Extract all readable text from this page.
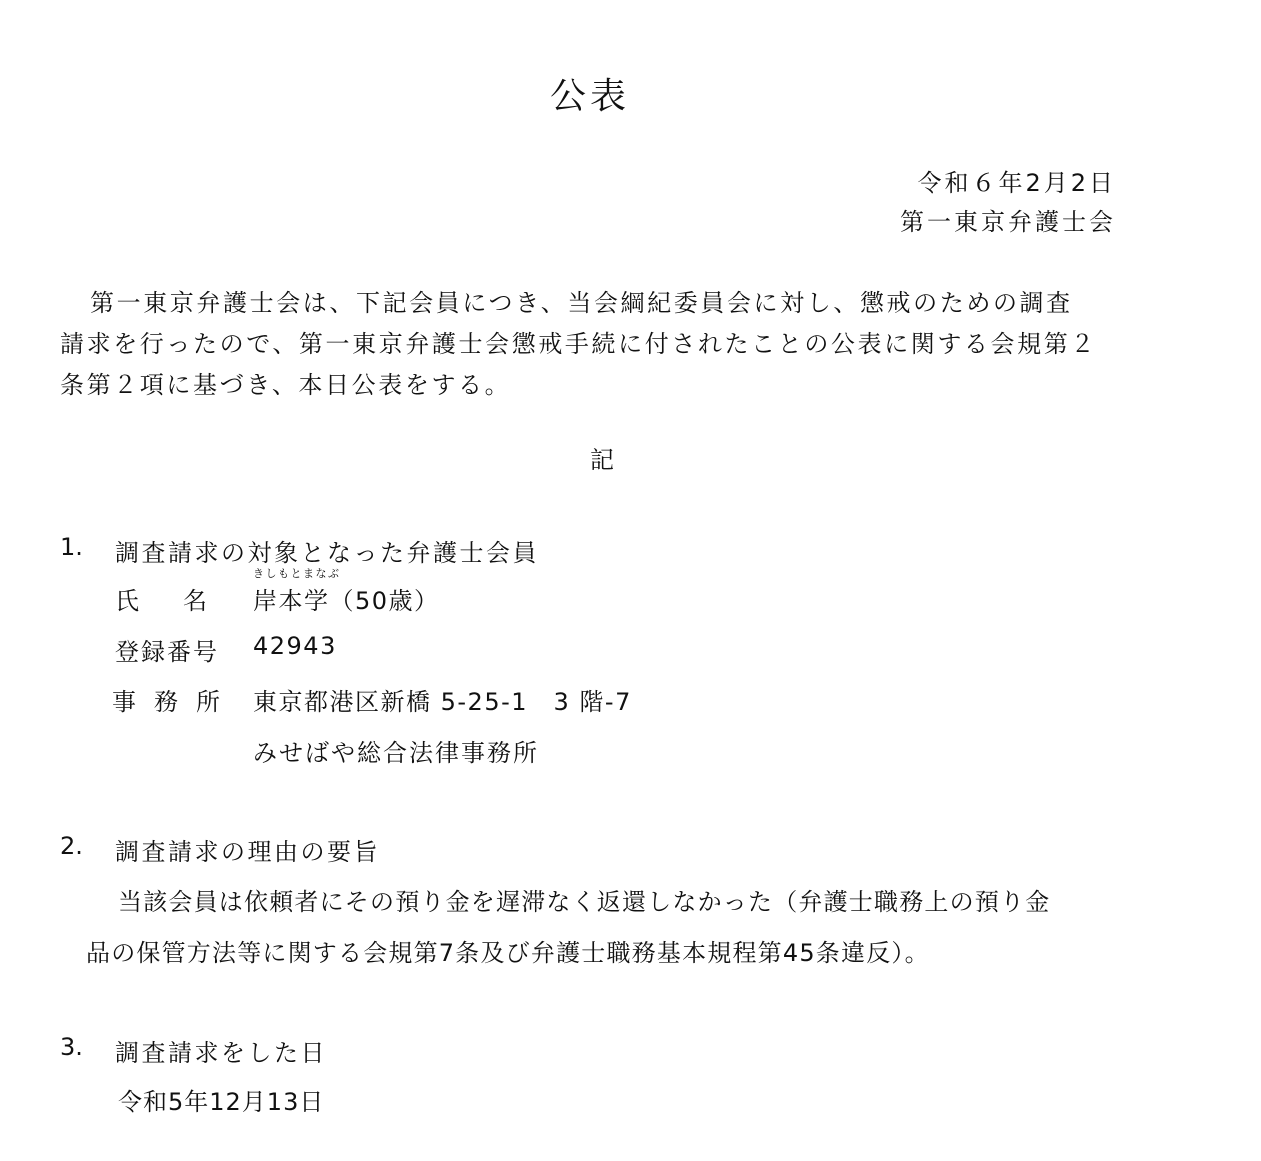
公表
令和６年2月2日
第一東京弁護士会
第一東京弁護士会は、下記会員につき、当会綱紀委員会に対し、懲戒のための調査
請求を行ったので、第一東京弁護士会懲戒手続に付されたことの公表に関する会規第２
条第２項に基づき、本日公表をする。
記
1. 調査請求の対象となった弁護士会員
きしもとまなぶ
氏名 岸本学（50歳）
登録番号 42943
事務所 東京都港区新橋 5-25-1　3 階-7
みせばや総合法律事務所
2. 調査請求の理由の要旨
当該会員は依頼者にその預り金を遅滞なく返還しなかった（弁護士職務上の預り金
品の保管方法等に関する会規第7条及び弁護士職務基本規程第45条違反）。
3. 調査請求をした日
令和5年12月13日
